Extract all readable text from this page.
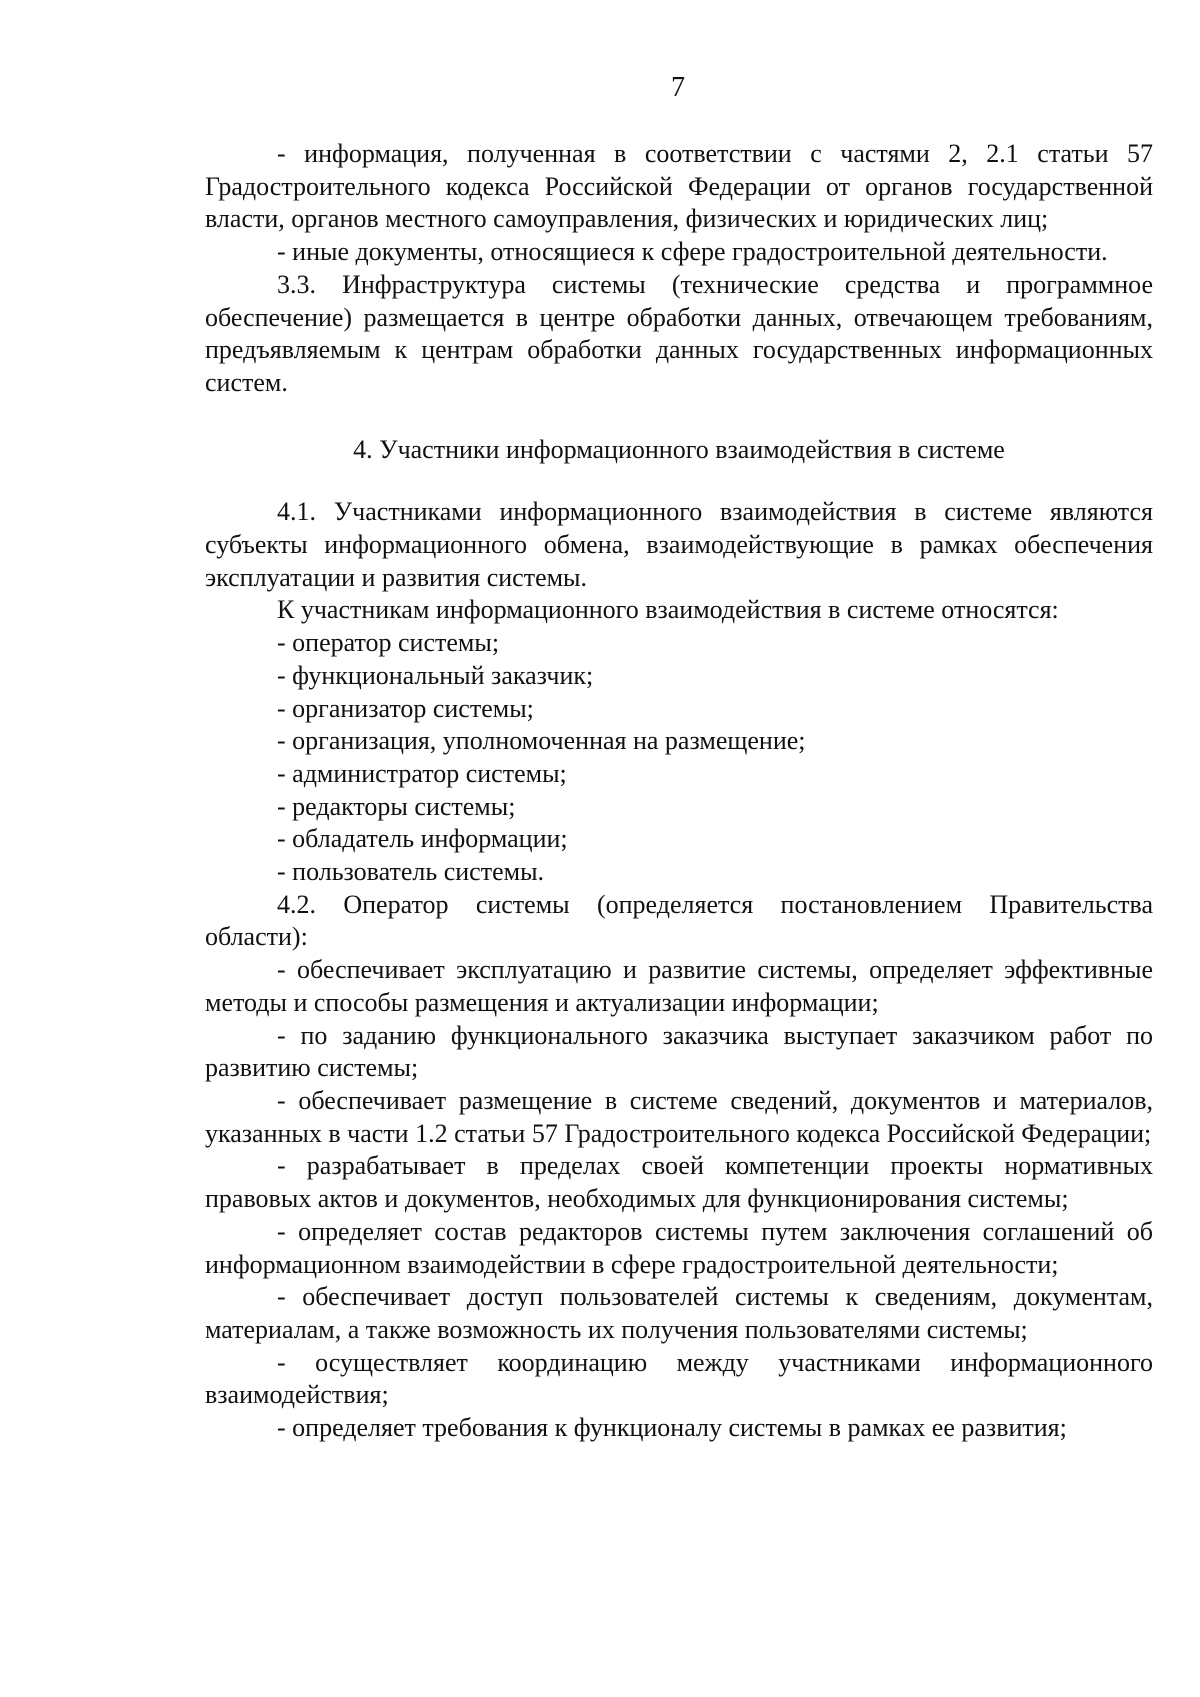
7

- информация, полученная в соответствии с частями 2, 2.1 статьи 57 Градостроительного кодекса Российской Федерации от органов государственной власти, органов местного самоуправления, физических и юридических лиц;

- иные документы, относящиеся к сфере градостроительной деятельности.

3.3. Инфраструктура системы (технические средства и программное обеспечение) размещается в центре обработки данных, отвечающем требованиям, предъявляемым к центрам обработки данных государственных информационных систем.

4. Участники информационного взаимодействия в системе

4.1. Участниками информационного взаимодействия в системе являются субъекты информационного обмена, взаимодействующие в рамках обеспечения эксплуатации и развития системы.

К участникам информационного взаимодействия в системе относятся:

- оператор системы;

- функциональный заказчик;

- организатор системы;

- организация, уполномоченная на размещение;

- администратор системы;

- редакторы системы;

- обладатель информации;

- пользователь системы.

4.2. Оператор системы (определяется постановлением Правительства области):

- обеспечивает эксплуатацию и развитие системы, определяет эффективные методы и способы размещения и актуализации информации;

- по заданию функционального заказчика выступает заказчиком работ по развитию системы;

- обеспечивает размещение в системе сведений, документов и материалов, указанных в части 1.2 статьи 57 Градостроительного кодекса Российской Федерации;

- разрабатывает в пределах своей компетенции проекты нормативных правовых актов и документов, необходимых для функционирования системы;

- определяет состав редакторов системы путем заключения соглашений об информационном взаимодействии в сфере градостроительной деятельности;

- обеспечивает доступ пользователей системы к сведениям, документам, материалам, а также возможность их получения пользователями системы;

- осуществляет координацию между участниками информационного взаимодействия;

- определяет требования к функционалу системы в рамках ее развития;
